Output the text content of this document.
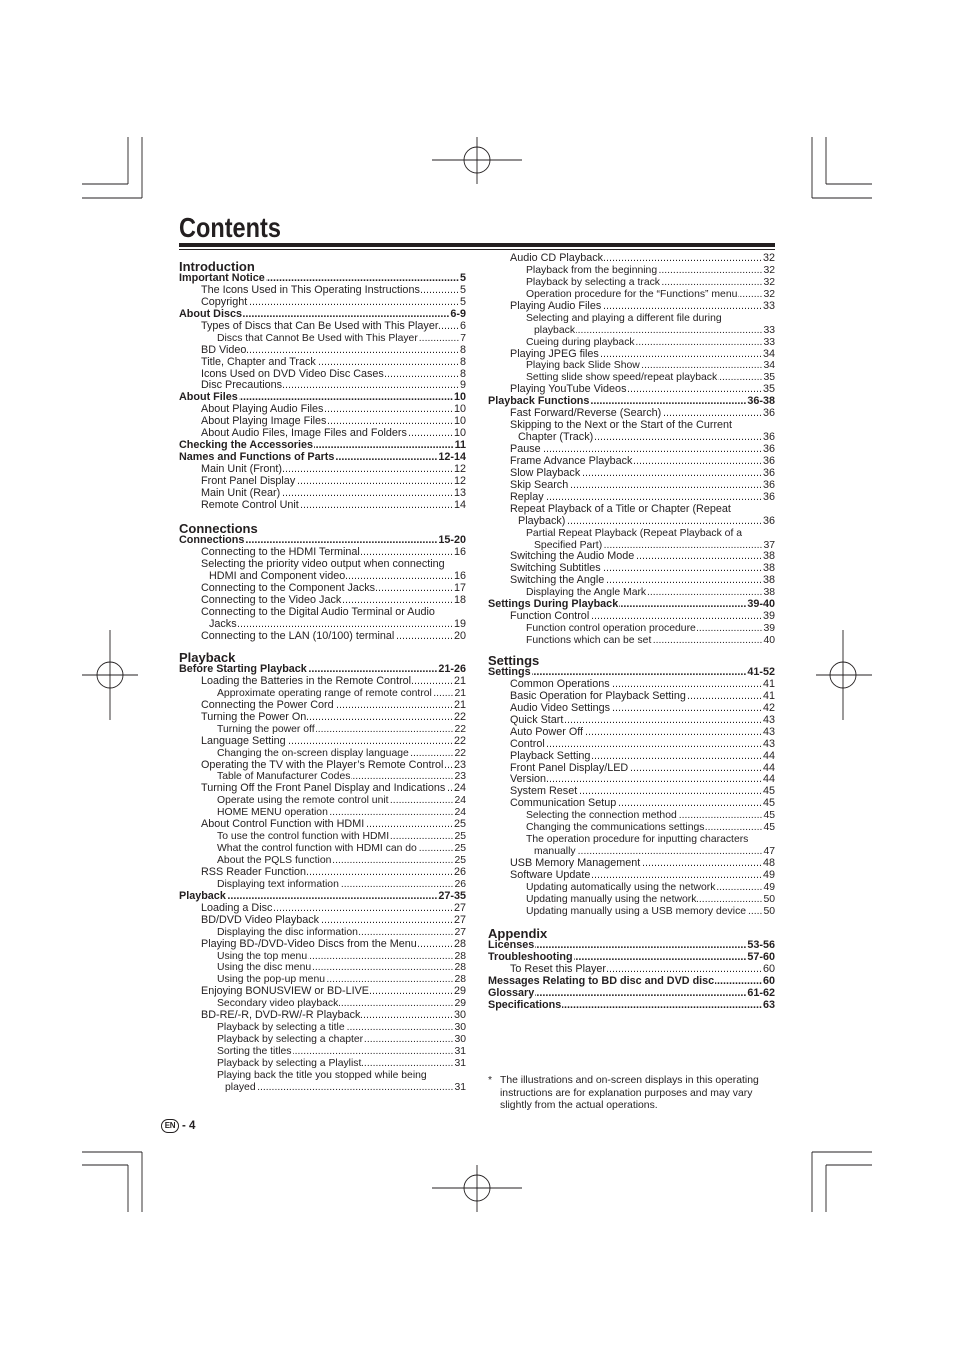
Contents
Introduction
Important Notice .....	5
The Icons Used in This Operating Instructions .....	5
Copyright .....	5
About Discs .....	6-9
Types of Discs that Can Be Used with This Player ..... 6
Discs that Cannot Be Used with This Player .....	7
BD Video .....	8
Title, Chapter and Track .....	8
Icons Used on DVD Video Disc Cases .....	8
Disc Precautions .....	9
About Files .....	10
About Playing Audio Files .....	10
About Playing Image Files .....	10
About Audio Files, Image Files and Folders .....	10
Checking the Accessories .....	11
Names and Functions of Parts .....	12-14
Main Unit (Front) .....	12
Front Panel Display .....	12
Main Unit (Rear) .....	13
Remote Control Unit .....	14
Connections
Connections .....	15-20
Connecting to the HDMI Terminal .....	16
Selecting the priority video output when connecting
HDMI and Component video .....	16
Connecting to the Component Jacks .....	17
Connecting to the Video Jack .....	18
Connecting to the Digital Audio Terminal or Audio
Jacks .....	19
Connecting to the LAN (10/100) terminal .....	20
Playback
Before Starting Playback .....	21-26
Loading the Batteries in the Remote Control .....	21
Approximate operating range of remote control ..... 21
Connecting the Power Cord .....	21
Turning the Power On .....	22
Turning the power off .....	22
Language Setting .....	22
Changing the on-screen display language .....	22
Operating the TV with the Player’s Remote Control ..... 23
Table of Manufacturer Codes .....	23
Turning Off the Front Panel Display and Indications ..... 24
Operate using the remote control unit .....	24
HOME MENU operation .....	24
About Control Function with HDMI .....	25
To use the control function with HDMI .....	25
What the control function with HDMI can do .....	25
About the PQLS function .....	25
RSS Reader Function .....	26
Displaying text information .....	26
Playback .....	27-35
Loading a Disc .....	27
BD/DVD Video Playback .....	27
Displaying the disc information .....	27
Playing BD-/DVD-Video Discs from the Menu .....	28
Using the top menu .....	28
Using the disc menu .....	28
Using the pop-up menu .....	28
Enjoying BONUSVIEW or BD-LIVE .....	29
Secondary video playback .....	29
BD-RE/-R, DVD-RW/-R Playback .....	30
Playback by selecting a title .....	30
Playback by selecting a chapter .....	30
Sorting the titles .....	31
Playback by selecting a Playlist .....	31
Playing back the title you stopped while being
played .....	31
Audio CD Playback .....	32
Playback from the beginning .....	32
Playback by selecting a track .....	32
Operation procedure for the “Functions” menu .....	32
Playing Audio Files .....	33
Selecting and playing a different file during
playback .....	33
Cueing during playback .....	33
Playing JPEG files .....	34
Playing back Slide Show .....	34
Setting slide show speed/repeat playback .....	35
Playing YouTube Videos .....	35
Playback Functions .....	36-38
Fast Forward/Reverse (Search) .....	36
Skipping to the Next or the Start of the Current
Chapter (Track) .....	36
Pause .....	36
Frame Advance Playback .....	36
Slow Playback .....	36
Skip Search .....	36
Replay .....	36
Repeat Playback of a Title or Chapter (Repeat
Playback) .....	36
Partial Repeat Playback (Repeat Playback of a
Specified Part) .....	37
Switching the Audio Mode .....	38
Switching Subtitles .....	38
Switching the Angle .....	38
Displaying the Angle Mark .....	38
Settings During Playback .....	39-40
Function Control .....	39
Function control operation procedure .....	39
Functions which can be set .....	40
Settings
Settings .....	41-52
Common Operations .....	41
Basic Operation for Playback Setting .....	41
Audio Video Settings .....	42
Quick Start .....	43
Auto Power Off .....	43
Control .....	43
Playback Setting .....	44
Front Panel Display/LED .....	44
Version .....	44
System Reset .....	45
Communication Setup .....	45
Selecting the connection method .....	45
Changing the communications settings .....	45
The operation procedure for inputting characters
manually .....	47
USB Memory Management .....	48
Software Update .....	49
Updating automatically using the network .....	49
Updating manually using the network .....	50
Updating manually using a USB memory device ..... 50
Appendix
Licenses .....	53-56
Troubleshooting .....	57-60
To Reset this Player .....	60
Messages Relating to BD disc and DVD disc .....	60
Glossary .....	61-62
Specifications .....	63
* The illustrations and on-screen displays in this operating instructions are for explanation purposes and may vary slightly from the actual operations.
EN - 4
